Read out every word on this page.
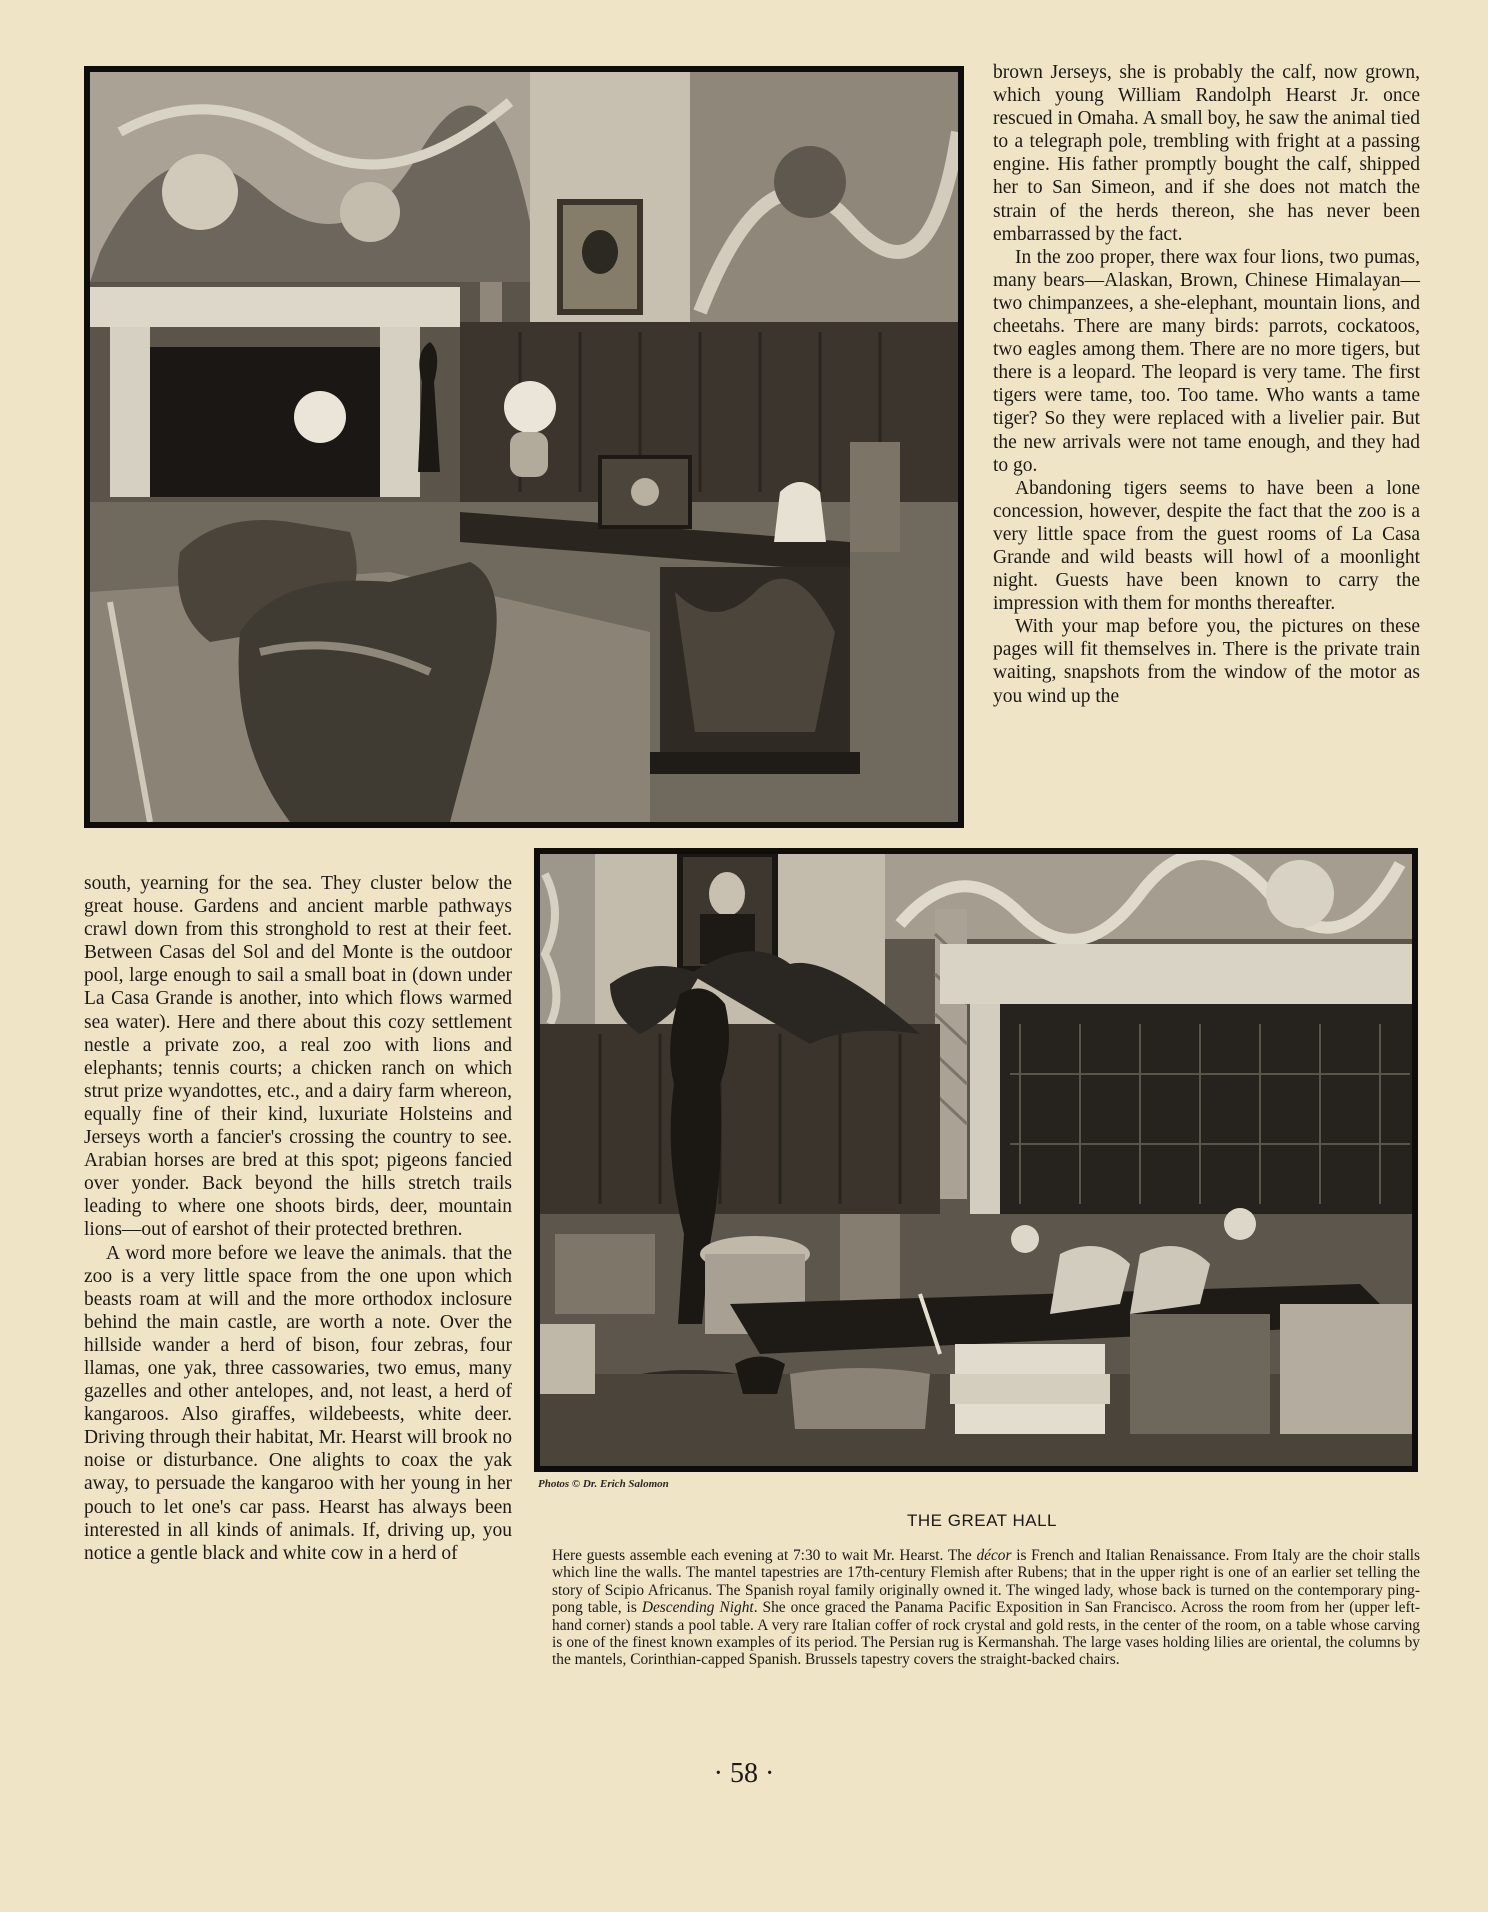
brown Jerseys, she is probably the calf, now grown, which young William Randolph Hearst Jr. once rescued in Omaha. A small boy, he saw the animal tied to a telegraph pole, trembling with fright at a passing engine. His father promptly bought the calf, shipped her to San Simeon, and if she does not match the strain of the herds thereon, she has never been embarrassed by the fact.

In the zoo proper, there wax four lions, two pumas, many bears—Alaskan, Brown, Chinese Himalayan—two chimpanzees, a she-elephant, mountain lions, and cheetahs. There are many birds: parrots, cockatoos, two eagles among them. There are no more tigers, but there is a leopard. The leopard is very tame. The first tigers were tame, too. Too tame. Who wants a tame tiger? So they were replaced with a livelier pair. But the new arrivals were not tame enough, and they had to go.

Abandoning tigers seems to have been a lone concession, however, despite the fact that the zoo is a very little space from the guest rooms of La Casa Grande and wild beasts will howl of a moonlight night. Guests have been known to carry the impression with them for months thereafter.

With your map before you, the pictures on these pages will fit themselves in. There is the private train waiting, snapshots from the window of the motor as you wind up the

south, yearning for the sea. They cluster below the great house. Gardens and ancient marble pathways crawl down from this stronghold to rest at their feet. Between Casas del Sol and del Monte is the outdoor pool, large enough to sail a small boat in (down under La Casa Grande is another, into which flows warmed sea water). Here and there about this cozy settlement nestle a private zoo, a real zoo with lions and elephants; tennis courts; a chicken ranch on which strut prize wyandottes, etc., and a dairy farm whereon, equally fine of their kind, luxuriate Holsteins and Jerseys worth a fancier's crossing the country to see. Arabian horses are bred at this spot; pigeons fancied over yonder. Back beyond the hills stretch trails leading to where one shoots birds, deer, mountain lions—out of earshot of their protected brethren.

A word more before we leave the animals. that the zoo is a very little space from the one upon which beasts roam at will and the more orthodox inclosure behind the main castle, are worth a note. Over the hillside wander a herd of bison, four zebras, four llamas, one yak, three cassowaries, two emus, many gazelles and other antelopes, and, not least, a herd of kangaroos. Also giraffes, wildebeests, white deer. Driving through their habitat, Mr. Hearst will brook no noise or disturbance. One alights to coax the yak away, to persuade the kangaroo with her young in her pouch to let one's car pass. Hearst has always been interested in all kinds of animals. If, driving up, you notice a gentle black and white cow in a herd of

Photos © Dr. Erich Salomon
THE GREAT HALL
Here guests assemble each evening at 7:30 to wait Mr. Hearst. The décor is French and Italian Renaissance. From Italy are the choir stalls which line the walls. The mantel tapestries are 17th-century Flemish after Rubens; that in the upper right is one of an earlier set telling the story of Scipio Africanus. The Spanish royal family originally owned it. The winged lady, whose back is turned on the contemporary ping-pong table, is Descending Night. She once graced the Panama Pacific Exposition in San Francisco. Across the room from her (upper left-hand corner) stands a pool table. A very rare Italian coffer of rock crystal and gold rests, in the center of the room, on a table whose carving is one of the finest known examples of its period. The Persian rug is Kermanshah. The large vases holding lilies are oriental, the columns by the mantels, Corinthian-capped Spanish. Brussels tapestry covers the straight-backed chairs.
· 58 ·
